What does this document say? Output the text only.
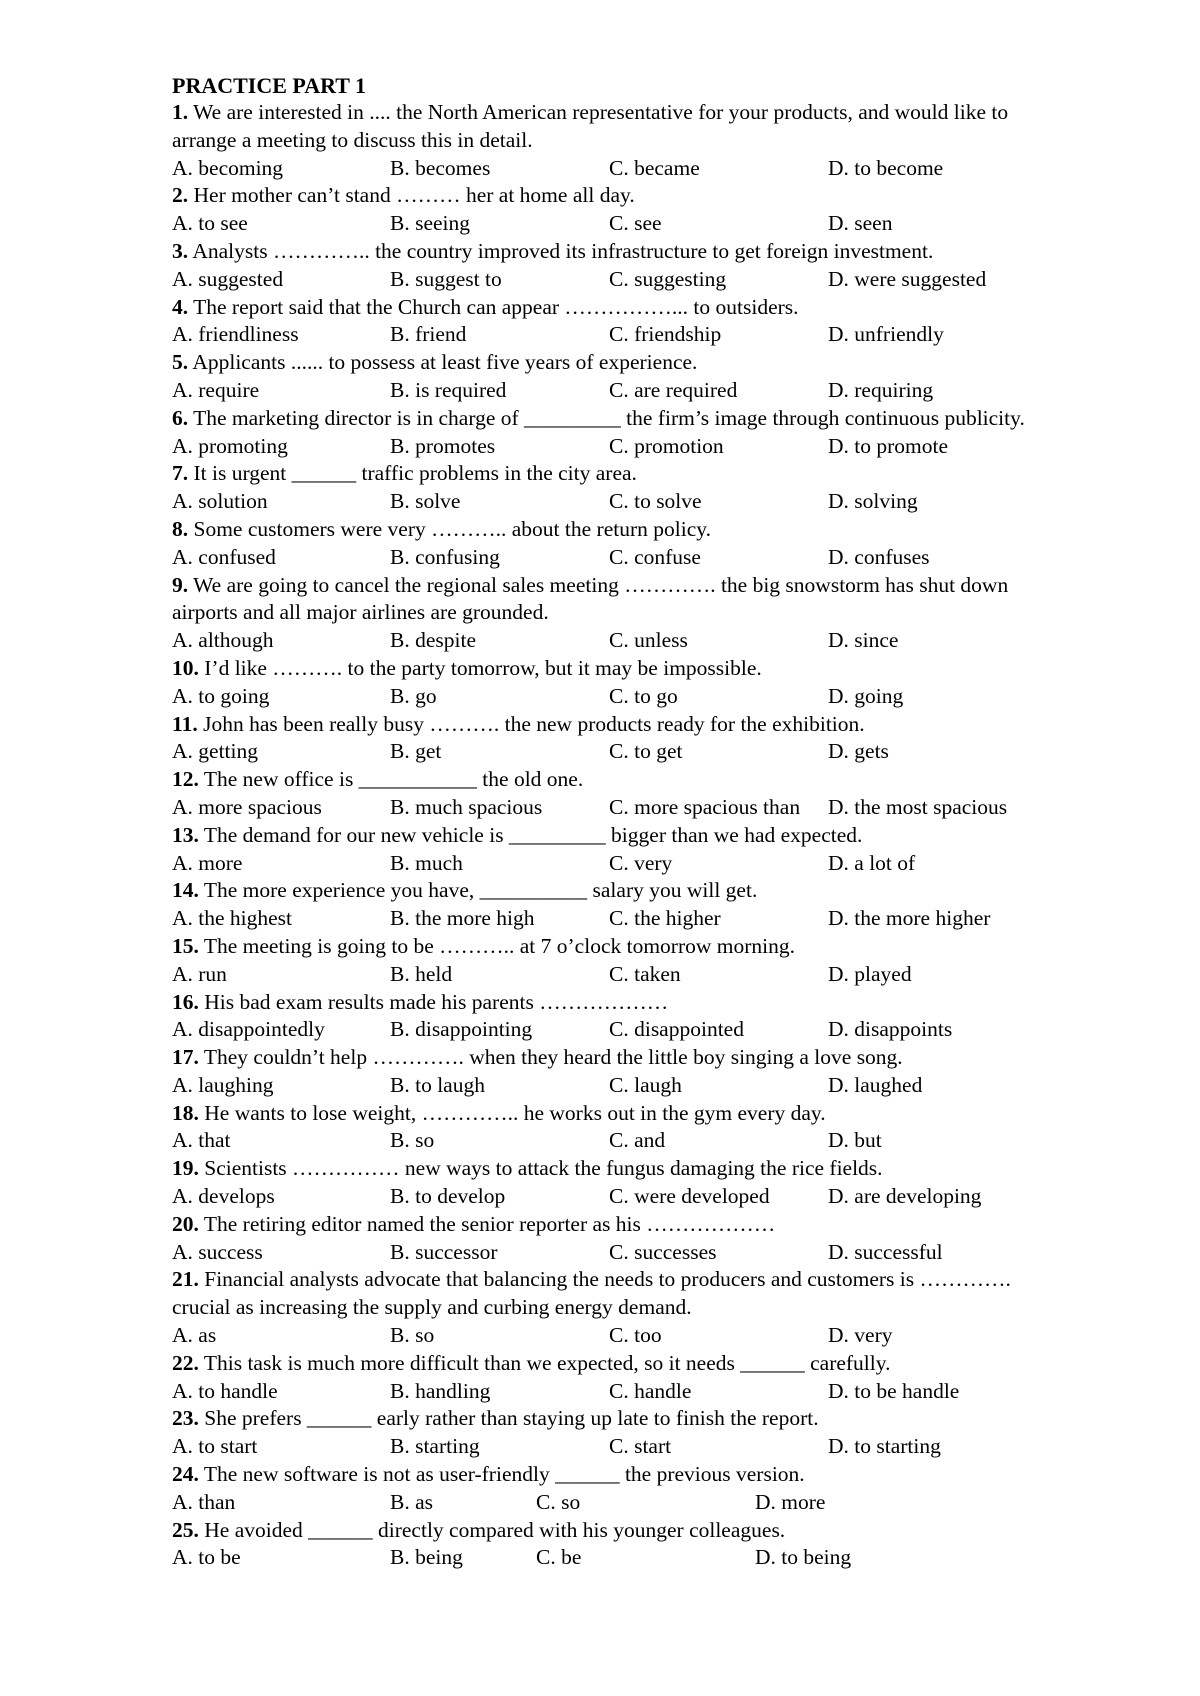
PRACTICE PART 1
1. We are interested in .... the North American representative for your products, and would like to arrange a meeting to discuss this in detail.
A. becoming	B. becomes	C. became	D. to become
2. Her mother can’t stand ……… her at home all day.
A. to see	B. seeing	C. see	D. seen
3. Analysts ………….. the country improved its infrastructure to get foreign investment.
A. suggested	B. suggest to	C. suggesting	D. were suggested
4. The report said that the Church can appear ……………... to outsiders.
A. friendliness	B. friend	C. friendship	D. unfriendly
5. Applicants ...... to possess at least five years of experience.
A. require	B. is required	C. are required	D. requiring
6. The marketing director is in charge of _________ the firm’s image through continuous publicity.
A. promoting	B. promotes	C. promotion	D. to promote
7. It is urgent ______ traffic problems in the city area.
A. solution	B. solve	C. to solve	D. solving
8. Some customers were very ……….. about the return policy.
A. confused	B. confusing	C. confuse	D. confuses
9. We are going to cancel the regional sales meeting …………. the big snowstorm has shut down airports and all major airlines are grounded.
A. although	B. despite	C. unless	D. since
10. I’d like ………. to the party tomorrow, but it may be impossible.
A. to going	B. go	C. to go	D. going
11. John has been really busy ………. the new products ready for the exhibition.
A. getting	B. get	C. to get	D. gets
12. The new office is ___________ the old one.
A. more spacious	B. much spacious	C. more spacious than	D. the most spacious
13. The demand for our new vehicle is _________ bigger than we had expected.
A. more	B. much	C. very	D. a lot of
14. The more experience you have, __________ salary you will get.
A. the highest	B. the more high	C. the higher	D. the more higher
15. The meeting is going to be ……….. at 7 o’clock tomorrow morning.
A. run	B. held	C. taken	D. played
16. His bad exam results made his parents ………………
A. disappointedly	B. disappointing	C. disappointed	D. disappoints
17. They couldn’t help …………. when they heard the little boy singing a love song.
A. laughing	B. to laugh	C. laugh	D. laughed
18. He wants to lose weight, ………….. he works out in the gym every day.
A. that	B. so	C. and	D. but
19. Scientists …………… new ways to attack the fungus damaging the rice fields.
A. develops	B. to develop	C. were developed	D. are developing
20. The retiring editor named the senior reporter as his ………………
A. success	B. successor	C. successes	D. successful
21. Financial analysts advocate that balancing the needs to producers and customers is …………. crucial as increasing the supply and curbing energy demand.
A. as	B. so	C. too	D. very
22. This task is much more difficult than we expected, so it needs ______ carefully.
A. to handle	B. handling	C. handle	D. to be handle
23. She prefers ______ early rather than staying up late to finish the report.
A. to start	B. starting	C. start	D. to starting
24. The new software is not as user-friendly ______ the previous version.
A. than	B. as	C. so	D. more
25. He avoided ______ directly compared with his younger colleagues.
A. to be	B. being	C. be	D. to being
